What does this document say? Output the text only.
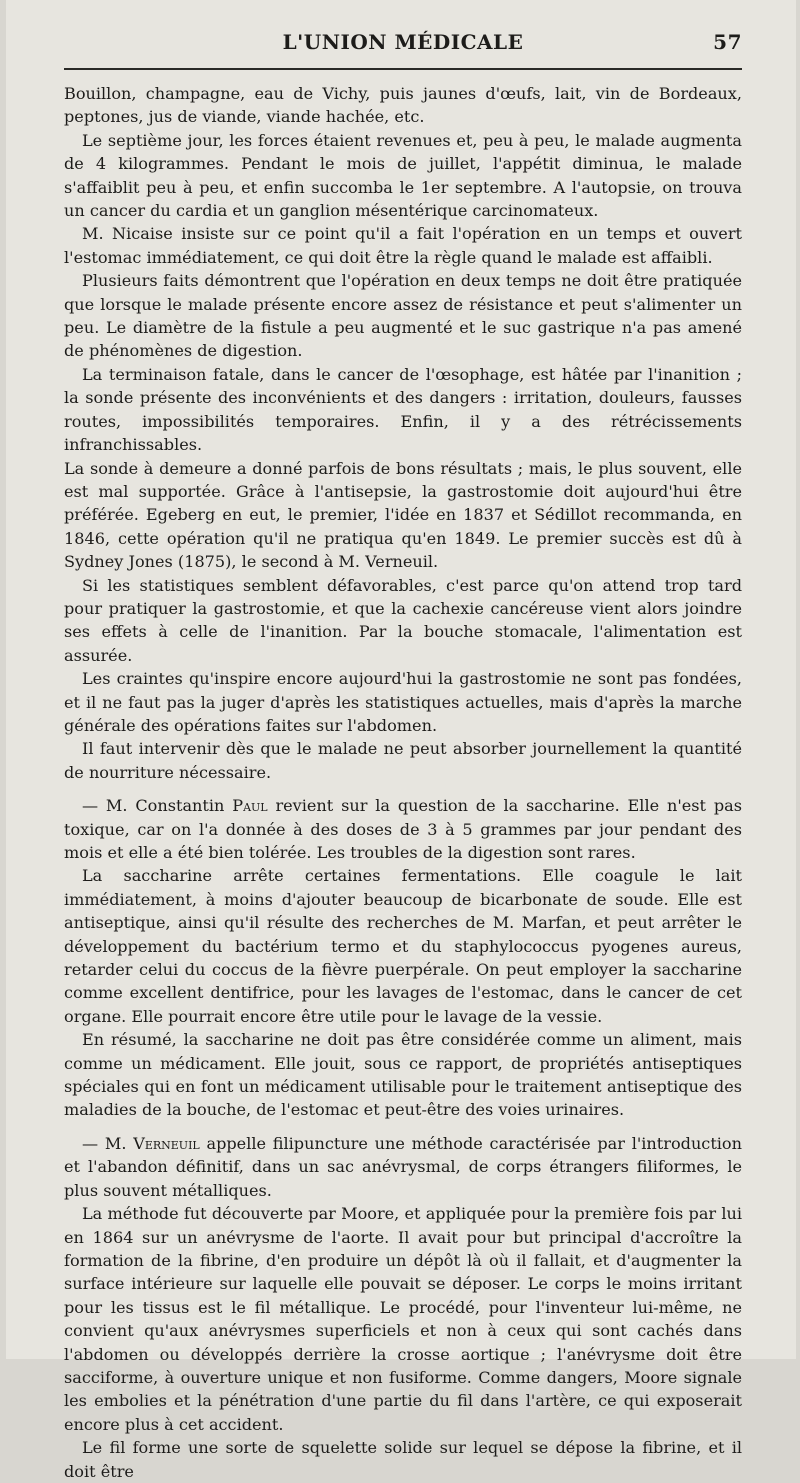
L'UNION MÉDICALE	57

Bouillon, champagne, eau de Vichy, puis jaunes d'œufs, lait, vin de Bordeaux, peptones, jus de viande, viande hachée, etc.

Le septième jour, les forces étaient revenues et, peu à peu, le malade augmenta de 4 kilogrammes. Pendant le mois de juillet, l'appétit diminua, le malade s'affaiblit peu à peu, et enfin succomba le 1er septembre. A l'autopsie, on trouva un cancer du cardia et un ganglion mésentérique carcinomateux.

M. Nicaise insiste sur ce point qu'il a fait l'opération en un temps et ouvert l'estomac immédiatement, ce qui doit être la règle quand le malade est affaibli.

Plusieurs faits démontrent que l'opération en deux temps ne doit être pratiquée que lorsque le malade présente encore assez de résistance et peut s'alimenter un peu. Le diamètre de la fistule a peu augmenté et le suc gastrique n'a pas amené de phénomènes de digestion.

La terminaison fatale, dans le cancer de l'œsophage, est hâtée par l'inanition ; la sonde présente des inconvénients et des dangers : irritation, douleurs, fausses routes, impossibilités temporaires. Enfin, il y a des rétrécissements infranchissables.

La sonde à demeure a donné parfois de bons résultats ; mais, le plus souvent, elle est mal supportée. Grâce à l'antisepsie, la gastrostomie doit aujourd'hui être préférée. Egeberg en eut, le premier, l'idée en 1837 et Sédillot recommanda, en 1846, cette opération qu'il ne pratiqua qu'en 1849. Le premier succès est dû à Sydney Jones (1875), le second à M. Verneuil.

Si les statistiques semblent défavorables, c'est parce qu'on attend trop tard pour pratiquer la gastrostomie, et que la cachexie cancéreuse vient alors joindre ses effets à celle de l'inanition. Par la bouche stomacale, l'alimentation est assurée.

Les craintes qu'inspire encore aujourd'hui la gastrostomie ne sont pas fondées, et il ne faut pas la juger d'après les statistiques actuelles, mais d'après la marche générale des opérations faites sur l'abdomen.

Il faut intervenir dès que le malade ne peut absorber journellement la quantité de nourriture nécessaire.

— M. Constantin Paul revient sur la question de la saccharine. Elle n'est pas toxique, car on l'a donnée à des doses de 3 à 5 grammes par jour pendant des mois et elle a été bien tolérée. Les troubles de la digestion sont rares.

La saccharine arrête certaines fermentations. Elle coagule le lait immédiatement, à moins d'ajouter beaucoup de bicarbonate de soude. Elle est antiseptique, ainsi qu'il résulte des recherches de M. Marfan, et peut arrêter le développement du bactérium termo et du staphylococcus pyogenes aureus, retarder celui du coccus de la fièvre puerpérale. On peut employer la saccharine comme excellent dentifrice, pour les lavages de l'estomac, dans le cancer de cet organe. Elle pourrait encore être utile pour le lavage de la vessie.

En résumé, la saccharine ne doit pas être considérée comme un aliment, mais comme un médicament. Elle jouit, sous ce rapport, de propriétés antiseptiques spéciales qui en font un médicament utilisable pour le traitement antiseptique des maladies de la bouche, de l'estomac et peut-être des voies urinaires.

— M. Verneuil appelle filipuncture une méthode caractérisée par l'introduction et l'abandon définitif, dans un sac anévrysmal, de corps étrangers filiformes, le plus souvent métalliques.

La méthode fut découverte par Moore, et appliquée pour la première fois par lui en 1864 sur un anévrysme de l'aorte. Il avait pour but principal d'accroître la formation de la fibrine, d'en produire un dépôt là où il fallait, et d'augmenter la surface intérieure sur laquelle elle pouvait se déposer. Le corps le moins irritant pour les tissus est le fil métallique. Le procédé, pour l'inventeur lui-même, ne convient qu'aux anévrysmes superficiels et non à ceux qui sont cachés dans l'abdomen ou développés derrière la crosse aortique ; l'anévrysme doit être sacciforme, à ouverture unique et non fusiforme. Comme dangers, Moore signale les embolies et la pénétration d'une partie du fil dans l'artère, ce qui exposerait encore plus à cet accident.

Le fil forme une sorte de squelette solide sur lequel se dépose la fibrine, et il doit être
